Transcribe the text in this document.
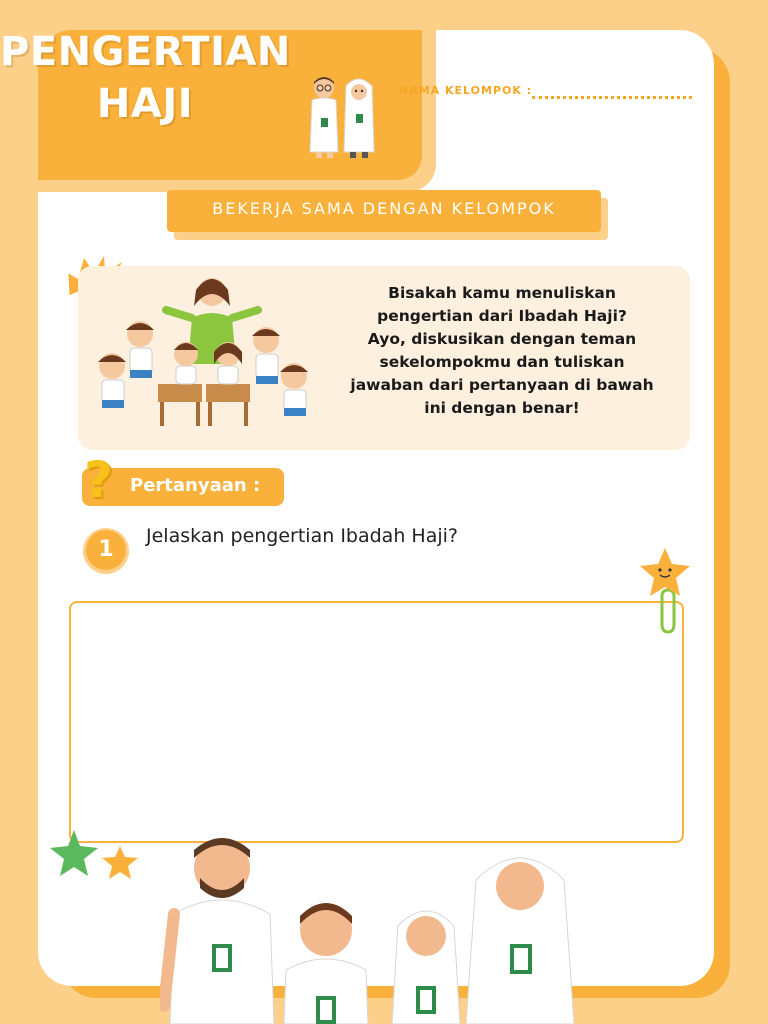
PENGERTIAN
HAJI	NAMA KELOMPOK :
BEKERJA SAMA DENGAN KELOMPOK
Bisakah kamu menuliskan
pengertian dari Ibadah Haji?
Ayo, diskusikan dengan teman
sekelompokmu dan tuliskan
jawaban dari pertanyaan di bawah
ini dengan benar!
? Pertanyaan :
1
Jelaskan pengertian Ibadah Haji?
